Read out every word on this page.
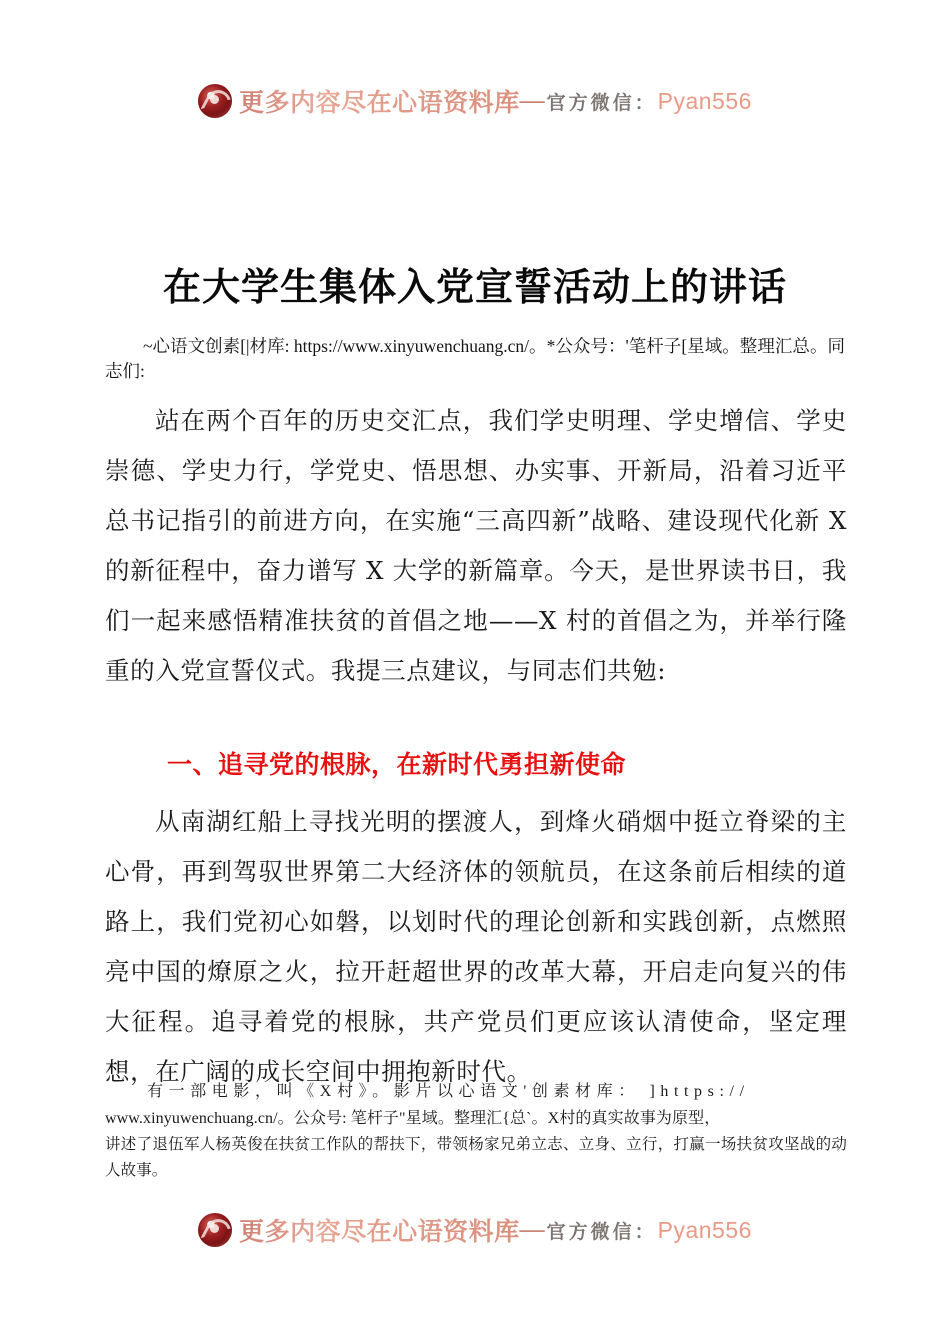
更多内容尽在心语资料库 — 官方微信： Pyan556
在大学生集体入党宣誓活动上的讲话
~心语文创素[|材库: https://www.xinyuwenchuang.cn/。*公众号：'笔杆子[星域。整理汇总。同志们:
站在两个百年的历史交汇点，我们学史明理、学史增信、学史崇德、学史力行，学党史、悟思想、办实事、开新局，沿着习近平总书记指引的前进方向，在实施“三高四新”战略、建设现代化新 X 的新征程中，奋力谱写 X 大学的新篇章。今天，是世界读书日，我们一起来感悟精准扶贫的首倡之地——X 村的首倡之为，并举行隆重的入党宣誓仪式。我提三点建议，与同志们共勉:
一、追寻党的根脉，在新时代勇担新使命
从南湖红船上寻找光明的摆渡人，到烽火硝烟中挺立脊梁的主心骨，再到驾驭世界第二大经济体的领航员，在这条前后相续的道路上，我们党初心如磐，以划时代的理论创新和实践创新，点燃照亮中国的燎原之火，拉开赶超世界的改革大幕，开启走向复兴的伟大征程。追寻着党的根脉，共产党员们更应该认清使命，坚定理想，在广阔的成长空间中拥抱新时代。
有一部电影，叫《X村》。影片以心语文'创素材库： ]https://
www.xinyuwenchuang.cn/。公众号: 笔杆子"星域。整理汇{总`。X村的真实故事为原型，
讲述了退伍军人杨英俊在扶贫工作队的帮扶下，带领杨家兄弟立志、立身、立行，打赢一场扶贫攻坚战的动人故事。
更多内容尽在心语资料库 — 官方微信： Pyan556
